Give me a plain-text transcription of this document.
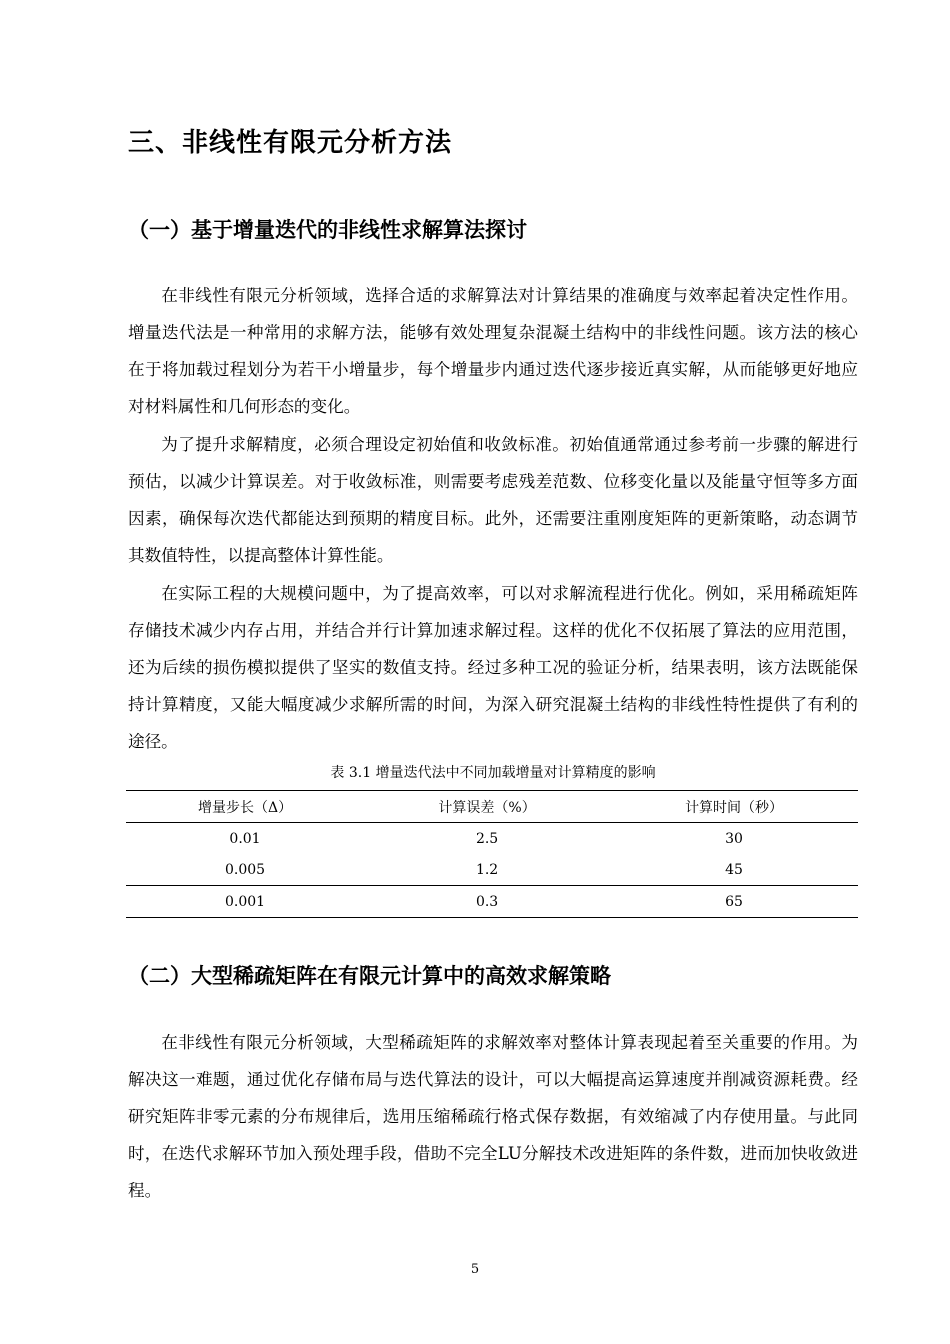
三、非线性有限元分析方法
（一）基于增量迭代的非线性求解算法探讨

在非线性有限元分析领域，选择合适的求解算法对计算结果的准确度与效率起着决定性作用。增量迭代法是一种常用的求解方法，能够有效处理复杂混凝土结构中的非线性问题。该方法的核心在于将加载过程划分为若干小增量步，每个增量步内通过迭代逐步接近真实解，从而能够更好地应对材料属性和几何形态的变化。

为了提升求解精度，必须合理设定初始值和收敛标准。初始值通常通过参考前一步骤的解进行预估，以减少计算误差。对于收敛标准，则需要考虑残差范数、位移变化量以及能量守恒等多方面因素，确保每次迭代都能达到预期的精度目标。此外，还需要注重刚度矩阵的更新策略，动态调节其数值特性，以提高整体计算性能。

在实际工程的大规模问题中，为了提高效率，可以对求解流程进行优化。例如，采用稀疏矩阵存储技术减少内存占用，并结合并行计算加速求解过程。这样的优化不仅拓展了算法的应用范围，还为后续的损伤模拟提供了坚实的数值支持。经过多种工况的验证分析，结果表明，该方法既能保持计算精度，又能大幅度减少求解所需的时间，为深入研究混凝土结构的非线性特性提供了有利的途径。

表 3.1 增量迭代法中不同加载增量对计算精度的影响
增量步长（Δ）	计算误差（%）	计算时间（秒）
0.01	2.5	30
0.005	1.2	45
0.001	0.3	65
（二）大型稀疏矩阵在有限元计算中的高效求解策略

在非线性有限元分析领域，大型稀疏矩阵的求解效率对整体计算表现起着至关重要的作用。为解决这一难题，通过优化存储布局与迭代算法的设计，可以大幅提高运算速度并削减资源耗费。经研究矩阵非零元素的分布规律后，选用压缩稀疏行格式保存数据，有效缩减了内存使用量。与此同时，在迭代求解环节加入预处理手段，借助不完全LU分解技术改进矩阵的条件数，进而加快收敛进程。

5
